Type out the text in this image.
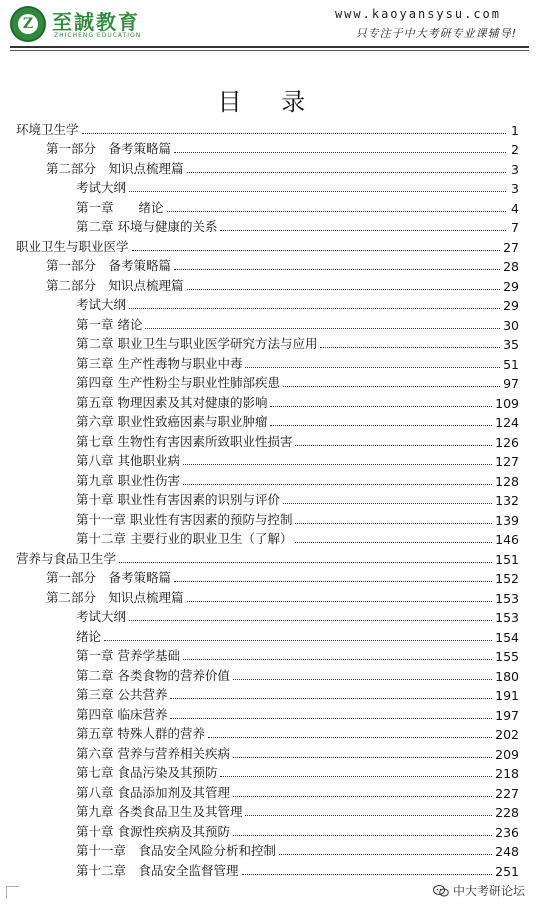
Z 至誠教育
ZHICHENG EDUCATION
www.kaoyansysu.com
只专注于中大考研专业课辅导!
目 录
环境卫生学	1
第一部分　备考策略篇	2
第二部分　知识点梳理篇	3
考试大纲	3
第一章　　绪论	4
第二章 环境与健康的关系	7
职业卫生与职业医学	27
第一部分　备考策略篇	28
第二部分　知识点梳理篇	29
考试大纲	29
第一章 绪论	30
第二章 职业卫生与职业医学研究方法与应用	35
第三章 生产性毒物与职业中毒	51
第四章 生产性粉尘与职业性肺部疾患	97
第五章 物理因素及其对健康的影响	109
第六章 职业性致癌因素与职业肿瘤	124
第七章 生物性有害因素所致职业性损害	126
第八章 其他职业病	127
第九章 职业性伤害	128
第十章 职业性有害因素的识别与评价	132
第十一章 职业性有害因素的预防与控制	139
第十二章 主要行业的职业卫生（了解）	146
营养与食品卫生学	151
第一部分　备考策略篇	152
第二部分　知识点梳理篇	153
考试大纲	153
绪论	154
第一章 营养学基础	155
第二章 各类食物的营养价值	180
第三章 公共营养	191
第四章 临床营养	197
第五章 特殊人群的营养	202
第六章 营养与营养相关疾病	209
第七章 食品污染及其预防	218
第八章 食品添加剂及其管理	227
第九章 各类食品卫生及其管理	228
第十章 食源性疾病及其预防	236
第十一章　食品安全风险分析和控制	248
第十二章　食品安全监督管理	251
中大考研论坛
